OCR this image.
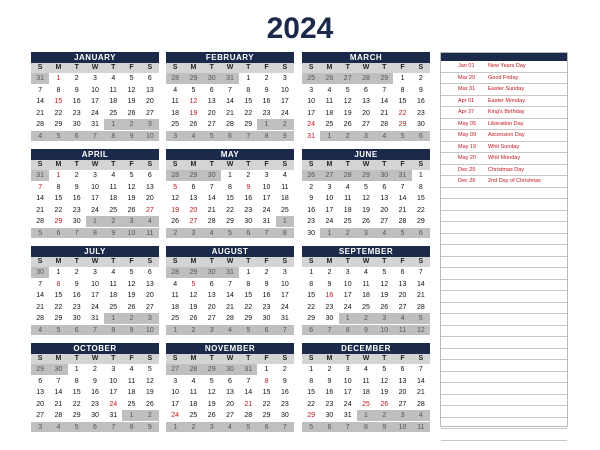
2024
JANUARY
S	M	T	W	T	F	S
31	1	2	3	4	5	6
7	8	9	10	11	12	13
14	15	16	17	18	19	20
21	22	23	24	25	26	27
28	29	30	31	1	2	3
4	5	6	7	8	9	10
FEBRUARY
S	M	T	W	T	F	S
28	29	30	31	1	2	3
4	5	6	7	8	9	10
11	12	13	14	15	16	17
18	19	20	21	22	23	24
25	26	27	28	29	1	2
3	4	5	6	7	8	9
MARCH
S	M	T	W	T	F	S
25	26	27	28	29	1	2
3	4	5	6	7	8	9
10	11	12	13	14	15	16
17	18	19	20	21	22	23
24	25	26	27	28	29	30
31	1	2	3	4	5	6
APRIL
S	M	T	W	T	F	S
31	1	2	3	4	5	6
7	8	9	10	11	12	13
14	15	16	17	18	19	20
21	22	23	24	25	26	27
28	29	30	1	2	3	4
5	6	7	8	9	10	11
MAY
S	M	T	W	T	F	S
28	29	30	1	2	3	4
5	6	7	8	9	10	11
12	13	14	15	16	17	18
19	20	21	22	23	24	25
26	27	28	29	30	31	1
2	3	4	5	6	7	8
JUNE
S	M	T	W	T	F	S
26	27	28	29	30	31	1
2	3	4	5	6	7	8
9	10	11	12	13	14	15
16	17	18	19	20	21	22
23	24	25	26	27	28	29
30	1	2	3	4	5	6
JULY
S	M	T	W	T	F	S
30	1	2	3	4	5	6
7	8	9	10	11	12	13
14	15	16	17	18	19	20
21	22	23	24	25	26	27
28	29	30	31	1	2	3
4	5	6	7	8	9	10
AUGUST
S	M	T	W	T	F	S
28	29	30	31	1	2	3
4	5	6	7	8	9	10
11	12	13	14	15	16	17
18	19	20	21	22	23	24
25	26	27	28	29	30	31
1	2	3	4	5	6	7
SEPTEMBER
S	M	T	W	T	F	S
1	2	3	4	5	6	7
8	9	10	11	12	13	14
15	16	17	18	19	20	21
22	23	24	25	26	27	28
29	30	1	2	3	4	5
6	7	8	9	10	11	12
OCTOBER
S	M	T	W	T	F	S
29	30	1	2	3	4	5
6	7	8	9	10	11	12
13	14	15	16	17	18	19
20	21	22	23	24	25	26
27	28	29	30	31	1	2
3	4	5	6	7	8	9
NOVEMBER
S	M	T	W	T	F	S
27	28	29	30	31	1	2
3	4	5	6	7	8	9
10	11	12	13	14	15	16
17	18	19	20	21	22	23
24	25	26	27	28	29	30
1	2	3	4	5	6	7
DECEMBER
S	M	T	W	T	F	S
1	2	3	4	5	6	7
8	9	10	11	12	13	14
15	16	17	18	19	20	21
22	23	24	25	26	27	28
29	30	31	1	2	3	4
5	6	7	8	9	10	11
Jan 01	New Years Day
Mar 29	Good Friday
Mar 31	Easter Sunday
Apr 01	Easter Monday
Apr 27	King's Birthday
May 05	Liberation Day
May 09	Ascension Day
May 19	Whit Sunday
May 20	Whit Monday
Dec 25	Christmas Day
Dec 26	2nd Day of Christmas
